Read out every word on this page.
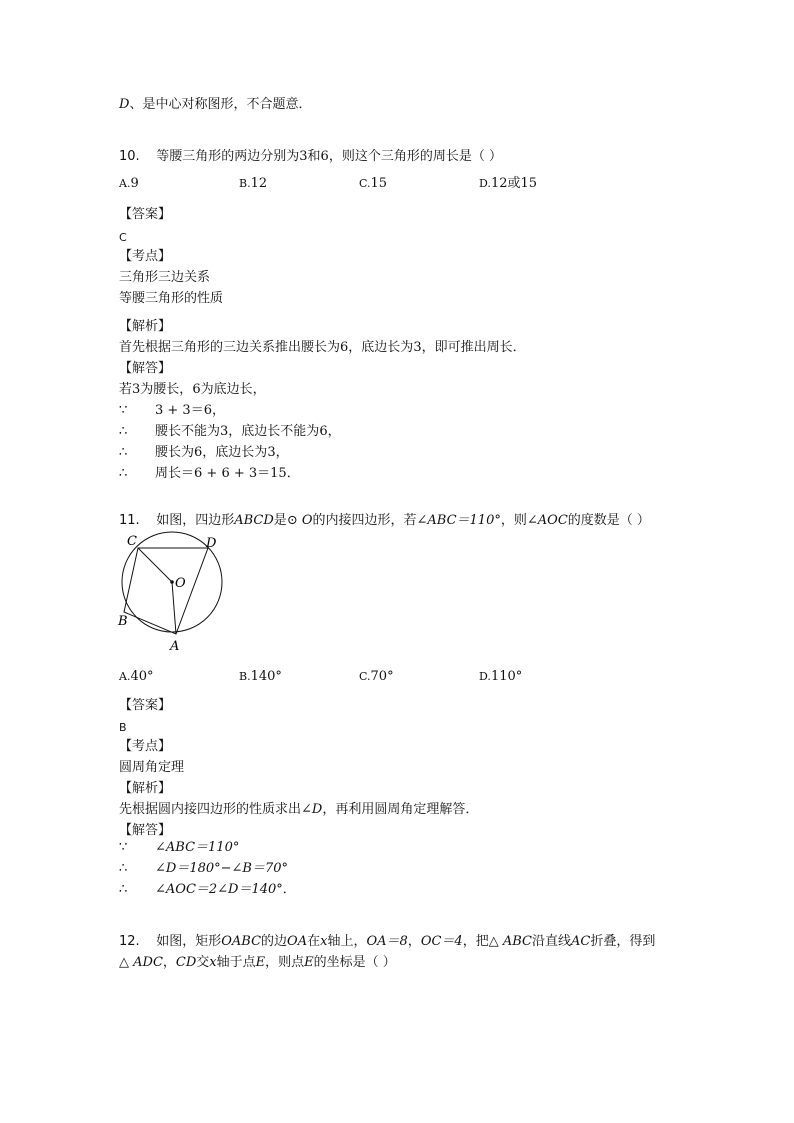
D、是中心对称图形，不合题意．
10. 等腰三角形的两边分别为3和6，则这个三角形的周长是（ ）
A.9	B.12	C.15	D.12或15
【答案】
C
【考点】
三角形三边关系
等腰三角形的性质
【解析】
首先根据三角形的三边关系推出腰长为6，底边长为3，即可推出周长．
【解答】
若3为腰长，6为底边长，
∵ 3 + 3＝6，
∴ 腰长不能为3，底边长不能为6，
∴ 腰长为6，底边长为3，
∴ 周长＝6 + 6 + 3＝15．
11. 如图，四边形ABCD是⊙ O的内接四边形，若∠ABC＝110°，则∠AOC的度数是（ ）
C	D
O
B
A
A.40°	B.140°	C.70°	D.110°
【答案】
B
【考点】
圆周角定理
【解析】
先根据圆内接四边形的性质求出∠D，再利用圆周角定理解答．
【解答】
∵ ∠ABC＝110°
∴ ∠D＝180°−∠B＝70°
∴ ∠AOC＝2∠D＝140°．
12. 如图，矩形OABC的边OA在x轴上，OA＝8，OC＝4，把△ ABC沿直线AC折叠，得到
△ ADC，CD交x轴于点E，则点E的坐标是（ ）
